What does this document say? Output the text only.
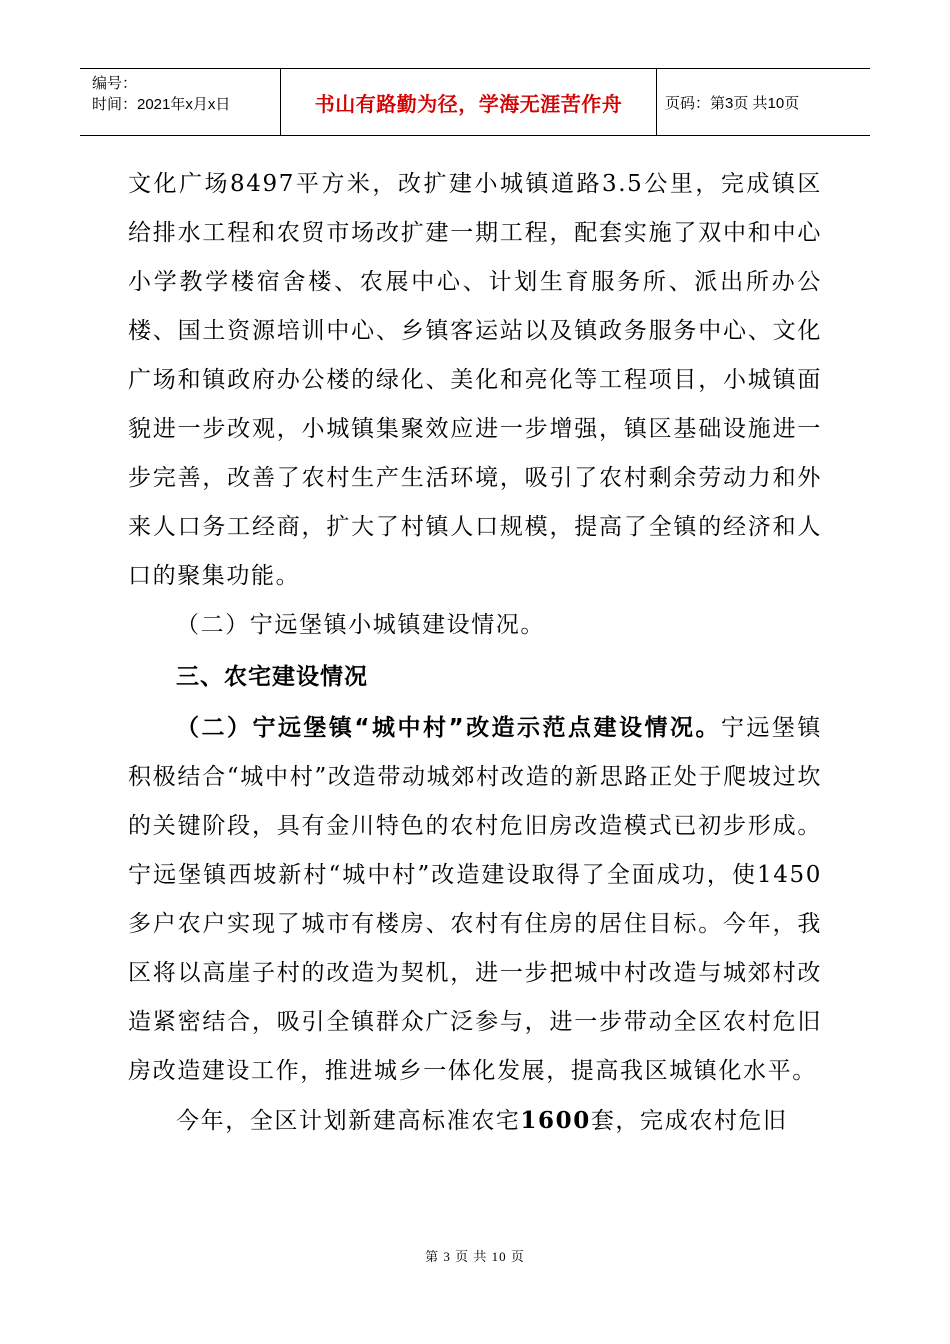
编号：
时间：2021年x月x日	书山有路勤为径，学海无涯苦作舟	页码：第3页 共10页

文化广场8497平方米，改扩建小城镇道路3.5公里，完成镇区给排水工程和农贸市场改扩建一期工程，配套实施了双中和中心小学教学楼宿舍楼、农展中心、计划生育服务所、派出所办公楼、国土资源培训中心、乡镇客运站以及镇政务服务中心、文化广场和镇政府办公楼的绿化、美化和亮化等工程项目，小城镇面貌进一步改观，小城镇集聚效应进一步增强，镇区基础设施进一步完善，改善了农村生产生活环境，吸引了农村剩余劳动力和外来人口务工经商，扩大了村镇人口规模，提高了全镇的经济和人口的聚集功能。

（二）宁远堡镇小城镇建设情况。

三、农宅建设情况

（二）宁远堡镇“城中村”改造示范点建设情况。宁远堡镇积极结合“城中村”改造带动城郊村改造的新思路正处于爬坡过坎的关键阶段，具有金川特色的农村危旧房改造模式已初步形成。宁远堡镇西坡新村“城中村”改造建设取得了全面成功，使1450多户农户实现了城市有楼房、农村有住房的居住目标。今年，我区将以高崖子村的改造为契机，进一步把城中村改造与城郊村改造紧密结合，吸引全镇群众广泛参与，进一步带动全区农村危旧房改造建设工作，推进城乡一体化发展，提高我区城镇化水平。

今年，全区计划新建高标准农宅1600套，完成农村危旧

第 3 页 共 10 页
